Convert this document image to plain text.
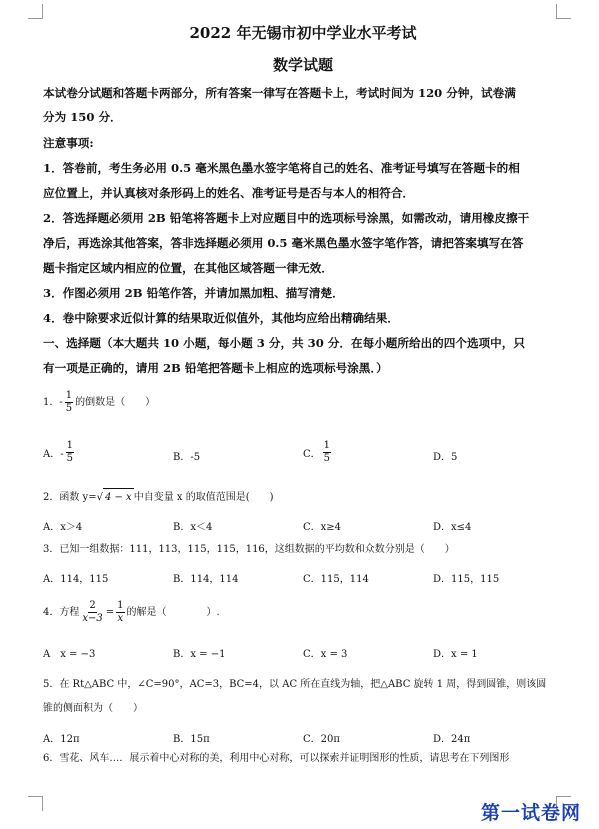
2022 年无锡市初中学业水平考试
数学试题
本试卷分试题和答题卡两部分，所有答案一律写在答题卡上，考试时间为 120 分钟，试卷满
分为 150 分．
注意事项:
1．答卷前，考生务必用 0.5 毫米黑色墨水签字笔将自己的姓名、准考证号填写在答题卡的相
应位置上，并认真核对条形码上的姓名、准考证号是否与本人的相符合．
2．答选择题必须用 2B 铅笔将答题卡上对应题目中的选项标号涂黑，如需改动，请用橡皮擦干
净后，再选涂其他答案，答非选择题必须用 0.5 毫米黑色墨水签字笔作答，请把答案填写在答
题卡指定区域内相应的位置，在其他区域答题一律无效．
3．作图必须用 2B 铅笔作答，并请加黑加粗、描写清楚．
4．卷中除要求近似计算的结果取近似值外，其他均应给出精确结果．
一、选择题（本大题共 10 小题，每小题 3 分，共 30 分．在每小题所给出的四个选项中，只
有一项是正确的，请用 2B 铅笔把答题卡上相应的选项标号涂黑．）
1．- $\frac{1}{5}$ 的倒数是（　　）
A．- $\frac{1}{5}$	B．-5	C． $\frac{1}{5}$	D．5
2．函数 y= √ 4 − x 中自变量 x 的取值范围是(　　)
A．x＞4	B．x＜4	C．x≥4	D．x≤4
3．已知一组数据：111，113，115，115，116，这组数据的平均数和众数分别是（　　）
A．114，115	B．114，114	C．115，114	D．115，115
4．方程 $\frac{2}{x-3} = \frac{1}{x}$ 的解是（　　　　）.
A　x = −3	B．x = −1	C．x = 3	D．x = 1
5．在 Rt△ABC 中，∠C=90°，AC=3，BC=4，以 AC 所在直线为轴，把△ABC 旋转 1 周，得到圆锥，则该圆
锥的侧面积为（　　）
A．12π	B．15π	C．20π	D．24π
6．雪花、风车…．展示着中心对称的美，利用中心对称，可以探索并证明图形的性质，请思考在下列图形
第一试卷网
